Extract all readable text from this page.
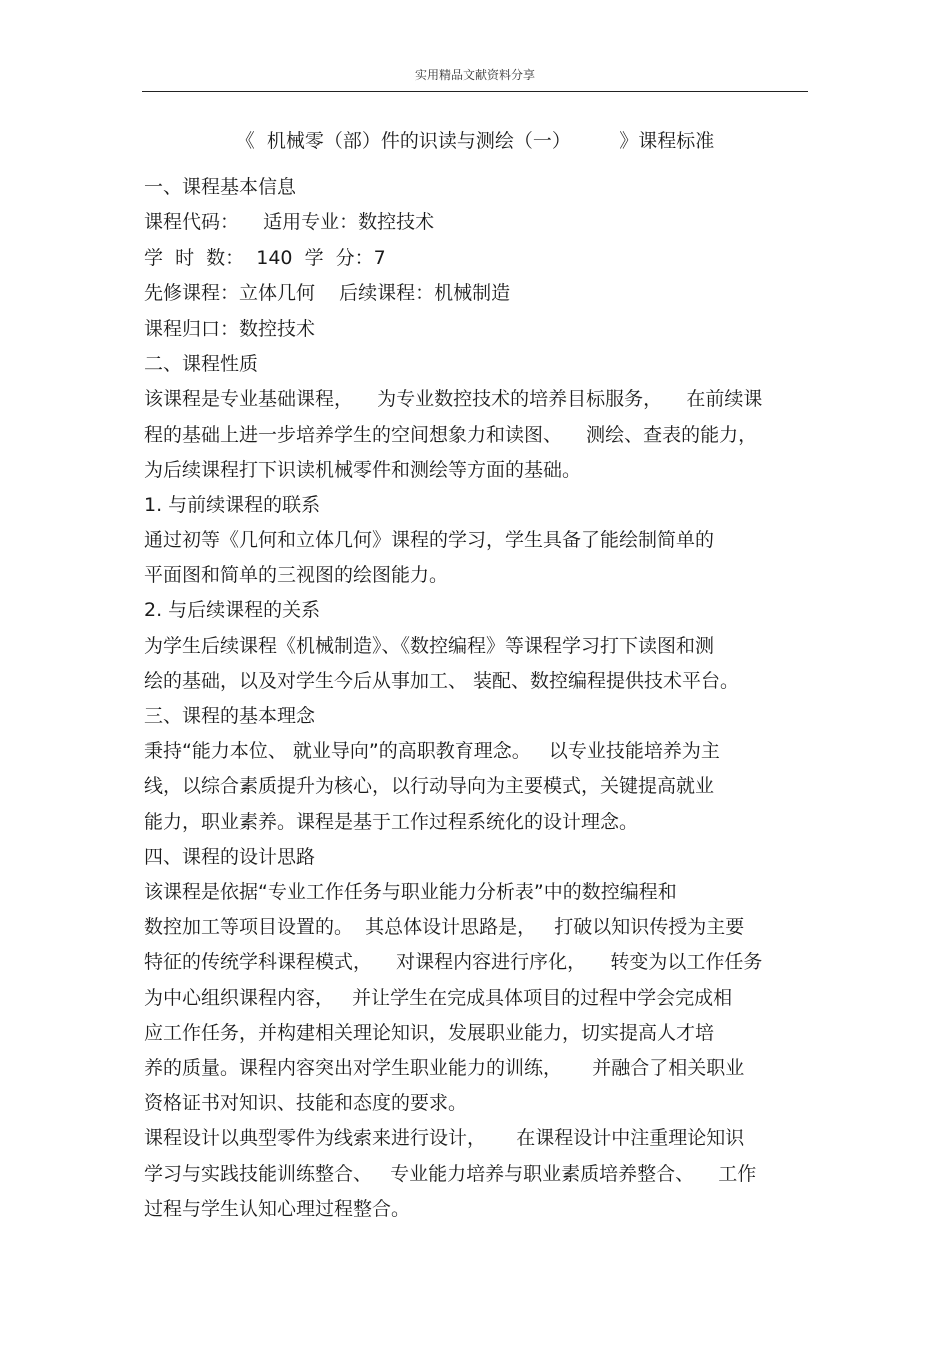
实用精品文献资料分享
《  机械零（部）件的识读与测绘（一）        》课程标准
一、课程基本信息
课程代码：    适用专业：数控技术
学  时  数：  140  学  分：7
先修课程：立体几何    后续课程：机械制造
课程归口：数控技术
二、课程性质
该课程是专业基础课程，    为专业数控技术的培养目标服务，    在前续课
程的基础上进一步培养学生的空间想象力和读图、    测绘、查表的能力，
为后续课程打下识读机械零件和测绘等方面的基础。
1. 与前续课程的联系
通过初等《几何和立体几何》课程的学习，学生具备了能绘制简单的
平面图和简单的三视图的绘图能力。
2. 与后续课程的关系
为学生后续课程《机械制造》、《数控编程》等课程学习打下读图和测
绘的基础，以及对学生今后从事加工、 装配、数控编程提供技术平台。
三、课程的基本理念
秉持“能力本位、 就业导向”的高职教育理念。   以专业技能培养为主
线，以综合素质提升为核心，以行动导向为主要模式，关键提高就业
能力，职业素养。课程是基于工作过程系统化的设计理念。
四、课程的设计思路
该课程是依据“专业工作任务与职业能力分析表”中的数控编程和
数控加工等项目设置的。  其总体设计思路是，   打破以知识传授为主要
特征的传统学科课程模式，    对课程内容进行序化，    转变为以工作任务
为中心组织课程内容，   并让学生在完成具体项目的过程中学会完成相
应工作任务，并构建相关理论知识，发展职业能力，切实提高人才培
养的质量。课程内容突出对学生职业能力的训练，     并融合了相关职业
资格证书对知识、技能和态度的要求。
课程设计以典型零件为线索来进行设计，     在课程设计中注重理论知识
学习与实践技能训练整合、   专业能力培养与职业素质培养整合、    工作
过程与学生认知心理过程整合。
